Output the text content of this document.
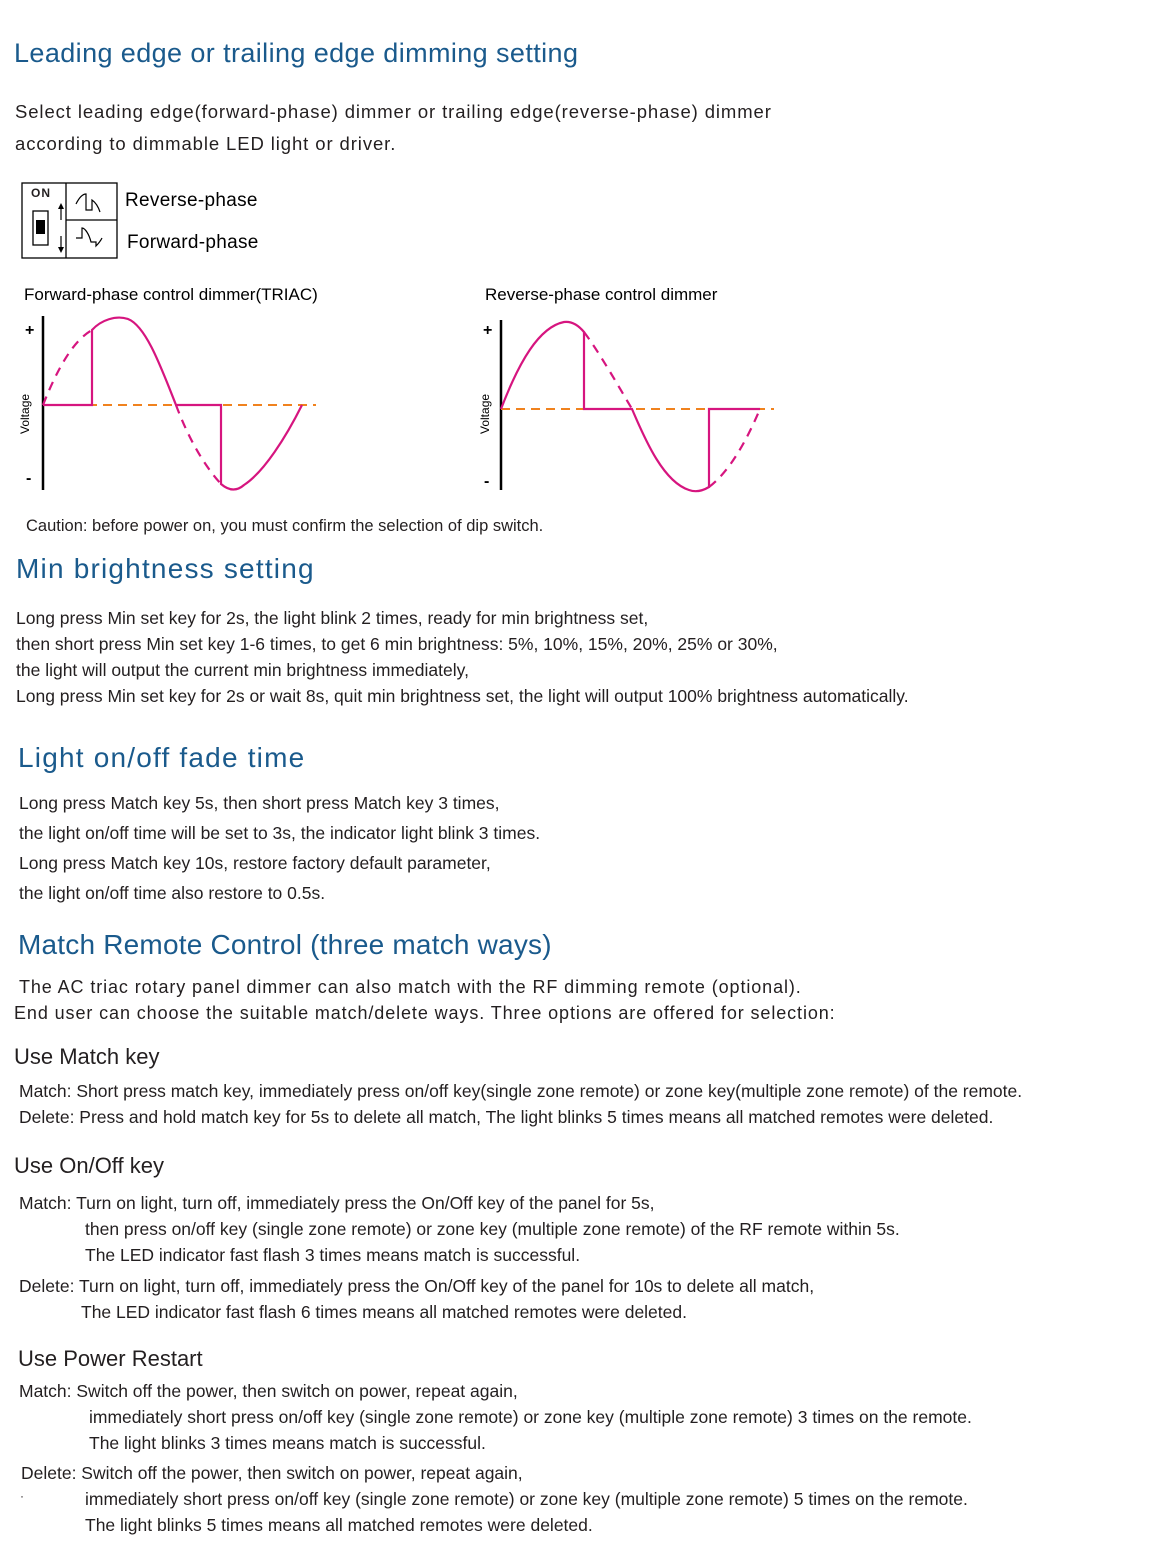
Leading edge or trailing edge dimming setting
Select leading edge(forward-phase) dimmer or trailing edge(reverse-phase) dimmer
according to dimmable LED light or driver.
ON	Reverse-phase
Forward-phase
Forward-phase control dimmer(TRIAC)	Reverse-phase control dimmer
+
-
Voltage
+
-
Voltage
Caution: before power on, you must confirm the selection of dip switch.
Min brightness setting
Long press Min set key for 2s, the light blink 2 times, ready for min brightness set,
then short press Min set key 1-6 times, to get 6 min brightness: 5%, 10%, 15%, 20%, 25% or 30%,
the light will output the current min brightness immediately,
Long press Min set key for 2s or wait 8s, quit min brightness set, the light will output 100% brightness automatically.
Light on/off fade time
Long press Match key 5s, then short press Match key 3 times,
the light on/off time will be set to 3s, the indicator light blink 3 times.
Long press Match key 10s, restore factory default parameter,
the light on/off time also restore to 0.5s.
Match Remote Control (three match ways)
The AC triac rotary panel dimmer can also match with the RF dimming remote (optional).
End user can choose the suitable match/delete ways. Three options are offered for selection:
Use Match key
Match: Short press match key, immediately press on/off key(single zone remote) or zone key(multiple zone remote) of the remote.
Delete: Press and hold match key for 5s to delete all match, The light blinks 5 times means all matched remotes were deleted.
Use On/Off key
Match: Turn on light, turn off, immediately press the On/Off key of the panel for 5s,
then press on/off key (single zone remote) or zone key (multiple zone remote) of the RF remote within 5s.
The LED indicator fast flash 3 times means match is successful.
Delete: Turn on light, turn off, immediately press the On/Off key of the panel for 10s to delete all match,
The LED indicator fast flash 6 times means all matched remotes were deleted.
Use Power Restart
Match: Switch off the power, then switch on power, repeat again,
immediately short press on/off key (single zone remote) or zone key (multiple zone remote) 3 times on the remote.
The light blinks 3 times means match is successful.
Delete: Switch off the power, then switch on power, repeat again,
immediately short press on/off key (single zone remote) or zone key (multiple zone remote) 5 times on the remote.
The light blinks 5 times means all matched remotes were deleted.
·
